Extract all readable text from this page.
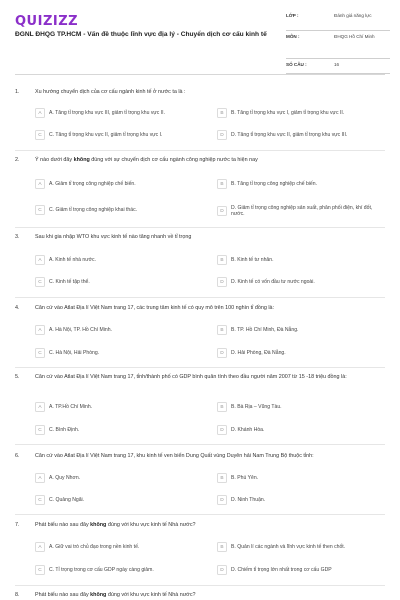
QUIZIZZ
ĐGNL ĐHQG TP.HCM - Vấn đề thuộc lĩnh vực địa lý - Chuyển dịch cơ cấu kinh tế
LỚP :	Đánh giá năng lực
MÔN :	ĐHQG Hồ Chí Minh
SỐ CÂU :	16
1.	Xu hướng chuyển dịch của cơ cấu ngành kinh tế ở nước ta là :
A	A. Tăng tỉ trọng khu vực III, giảm tỉ trọng khu vực II.	B	B. Tăng tỉ trọng khu vực I, giảm tỉ trọng khu vực II.
C	C. Tăng tỉ trọng khu vực II, giảm tỉ trọng khu vực I.	D	D. Tăng tỉ trọng khu vực II, giảm tỉ trọng khu vực III.
2.	Ý nào dưới đây không đúng với sự chuyển dịch cơ cấu ngành công nghiệp nước ta hiện nay
A	A. Giảm tỉ trọng công nghiệp chế biến.	B	B. Tăng tỉ trọng công nghiệp chế biến.
C	C. Giảm tỉ trọng công nghiệp khai thác.	D	D. Giảm tỉ trọng công nghiệp sản xuất, phân phối điện, khí đốt, nước.
3.	Sau khi gia nhập WTO khu vực kinh tế nào tăng nhanh về tỉ trọng
A	A. Kinh tế nhà nước.	B	B. Kinh tế tư nhân.
C	C. Kinh tế tập thể.	D	D. Kinh tế có vốn đầu tư nước ngoài.
4.	Căn cứ vào Atlat Địa lí Việt Nam trang 17, các trung tâm kinh tế có quy mô trên 100 nghìn tỉ đồng là:
A	A. Hà Nội, TP. Hồ Chí Minh.	B	B. TP. Hồ Chí Minh, Đà Nẵng.
C	C. Hà Nội, Hải Phòng.	D	D. Hải Phòng, Đà Nẵng.
5.	Căn cứ vào Atlat Địa lí Việt Nam trang 17, tỉnh/thành phố có GDP bình quân tính theo đầu người năm 2007 từ 15 -18 triệu đồng là:
A	A. TP.Hồ Chí Minh.	B	B. Bà Rịa – Vũng Tàu.
C	C. Bình Định.	D	D. Khánh Hòa.
6.	Căn cứ vào Atlat Địa lí Việt Nam trang 17, khu kinh tế ven biển Dung Quất vùng Duyên hải Nam Trung Bộ thuộc tỉnh:
A	A. Quy Nhơn.	B	B. Phú Yên.
C	C. Quảng Ngãi.	D	D. Ninh Thuận.
7.	Phát biểu nào sau đây không đúng với khu vực kinh tế Nhà nước?
A	A. Giữ vai trò chủ đạo trong nền kinh tế.	B	B. Quản lí các ngành và lĩnh vực kinh tế then chốt.
C	C. Tỉ trọng trong cơ cấu GDP ngày càng giảm.	D	D. Chiếm tỉ trọng lớn nhất trong cơ cấu GDP
8.	Phát biểu nào sau đây không đúng với khu vực kinh tế Nhà nước?
